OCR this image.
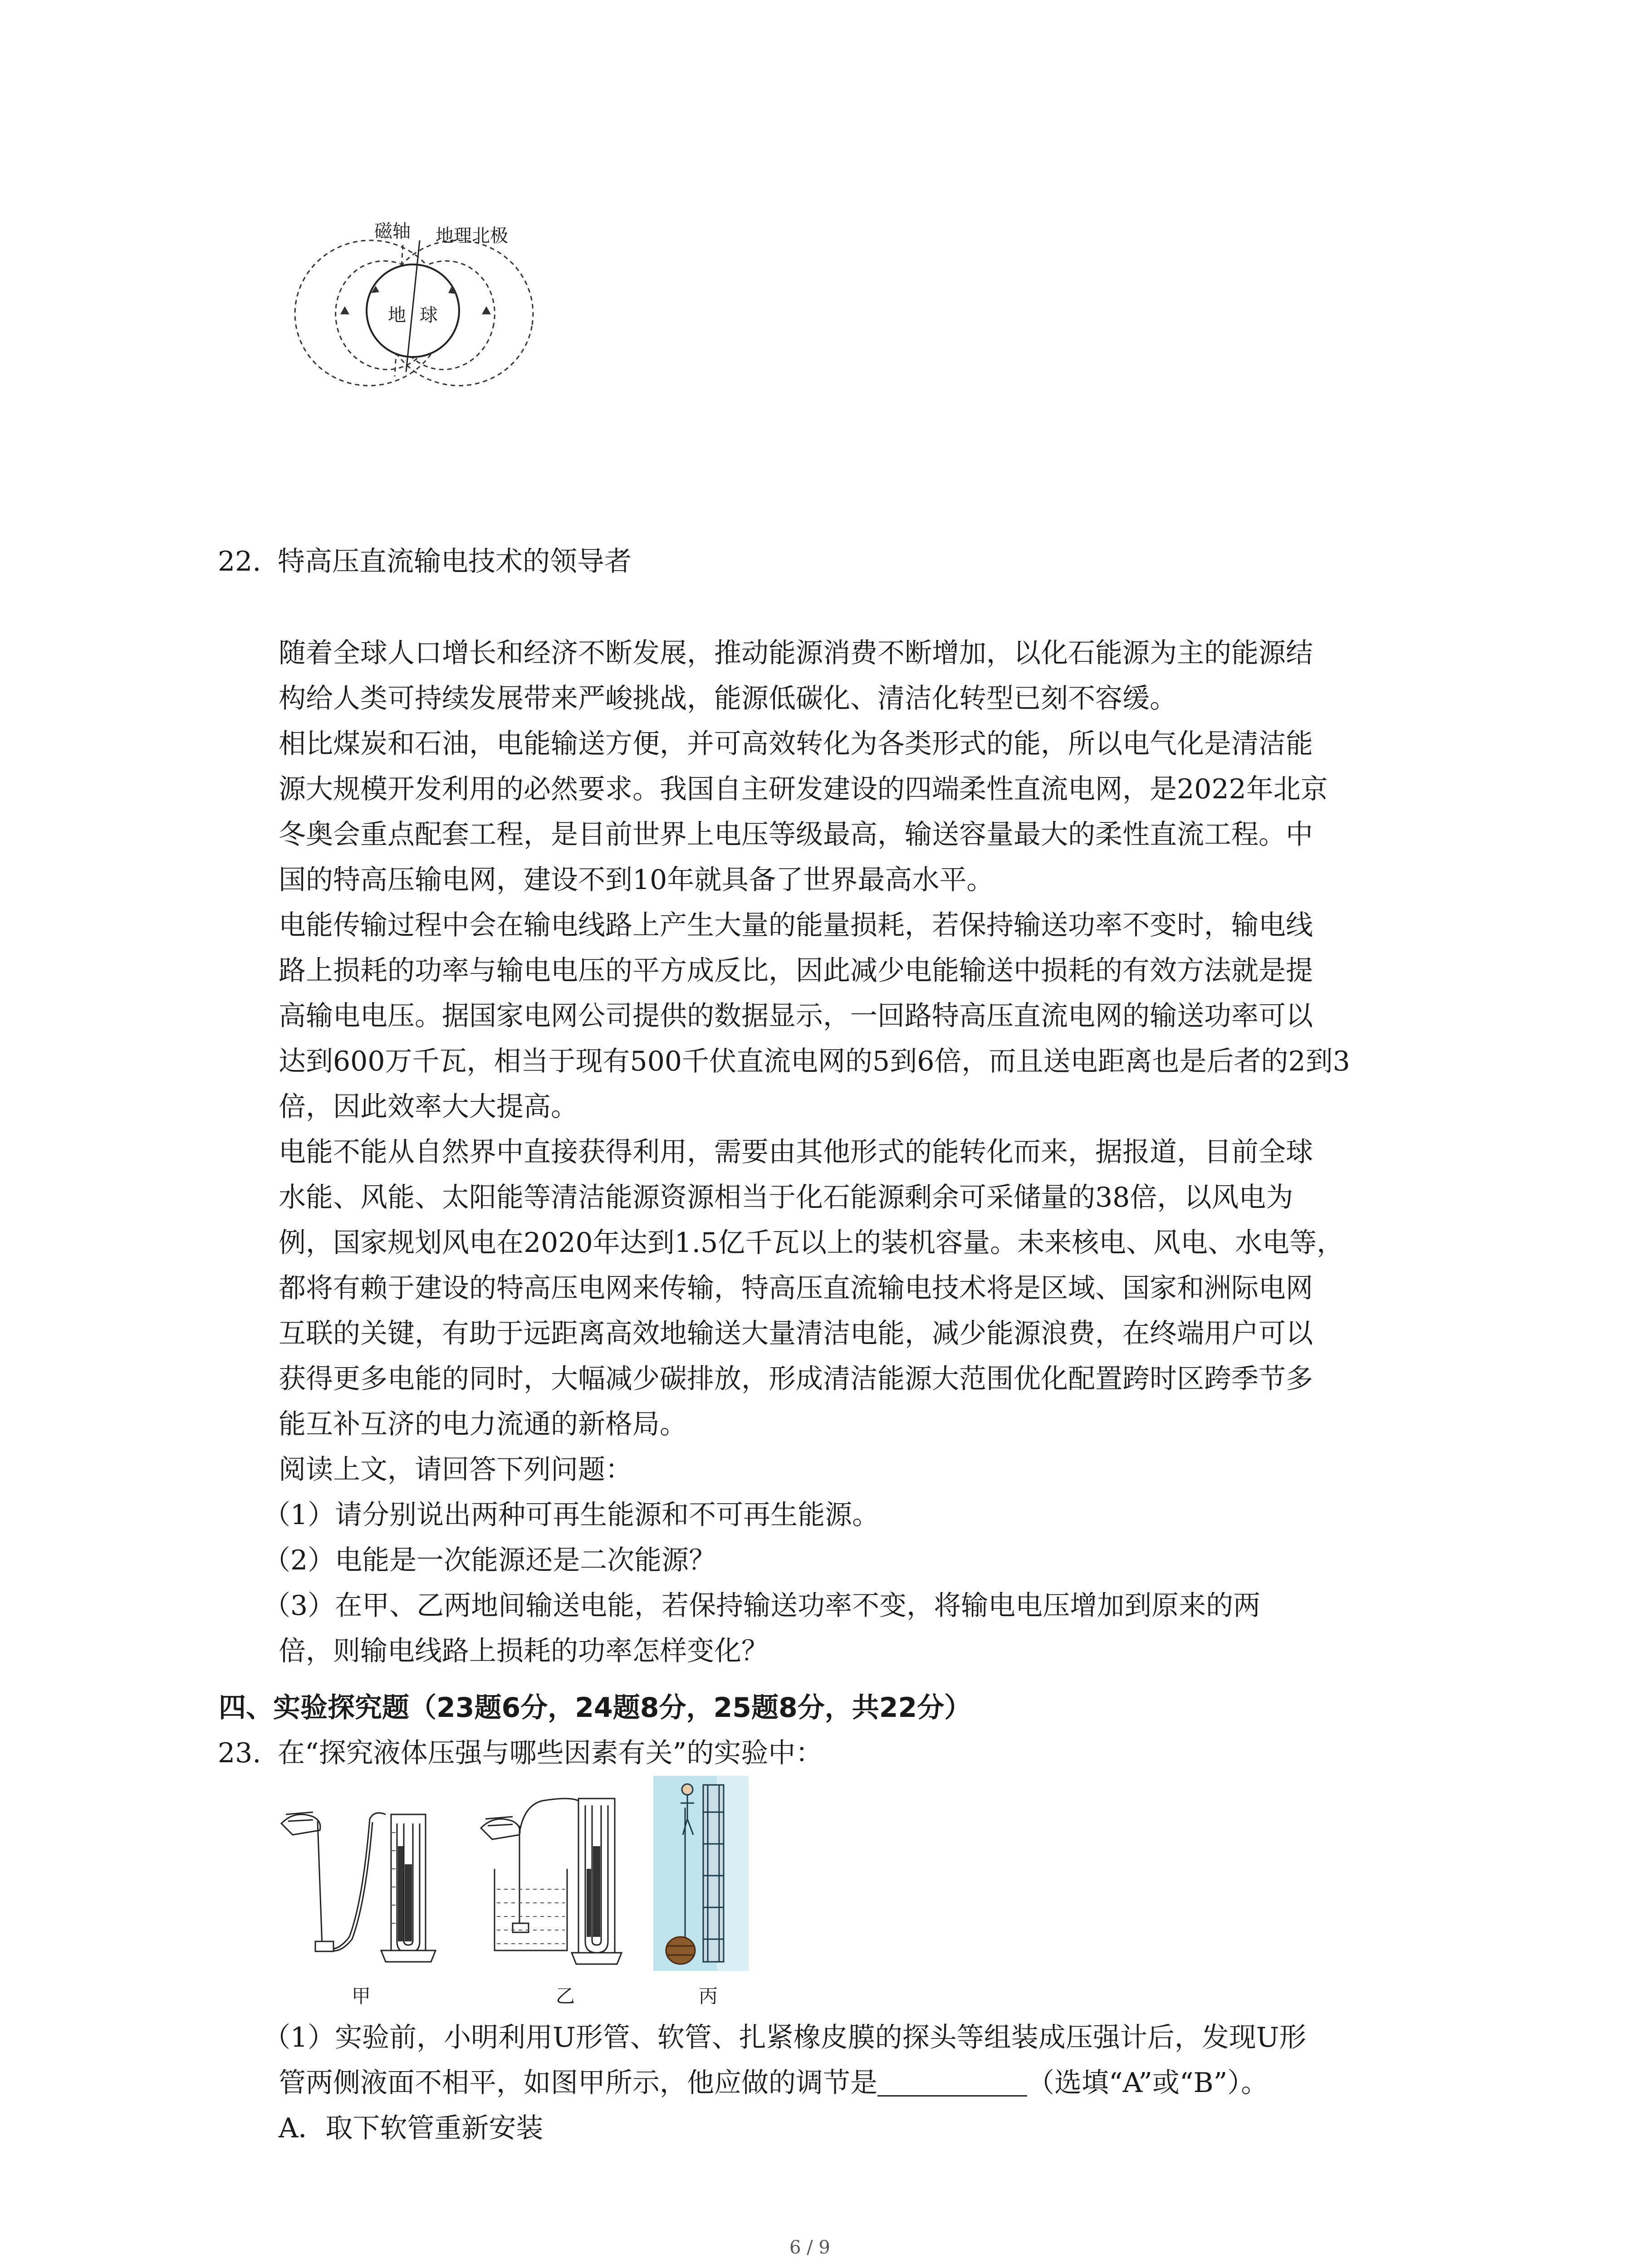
磁轴 地理北极
地 球
22. 特高压直流输电技术的领导者
随着全球人口增长和经济不断发展，推动能源消费不断增加，以化石能源为主的能源结
构给人类可持续发展带来严峻挑战，能源低碳化、清洁化转型已刻不容缓。
相比煤炭和石油，电能输送方便，并可高效转化为各类形式的能，所以电气化是清洁能
源大规模开发利用的必然要求。我国自主研发建设的四端柔性直流电网，是2022年北京
冬奥会重点配套工程，是目前世界上电压等级最高，输送容量最大的柔性直流工程。中
国的特高压输电网，建设不到10年就具备了世界最高水平。
电能传输过程中会在输电线路上产生大量的能量损耗，若保持输送功率不变时，输电线
路上损耗的功率与输电电压的平方成反比，因此减少电能输送中损耗的有效方法就是提
高输电电压。据国家电网公司提供的数据显示，一回路特高压直流电网的输送功率可以
达到600万千瓦，相当于现有500千伏直流电网的5到6倍，而且送电距离也是后者的2到3
倍，因此效率大大提高。
电能不能从自然界中直接获得利用，需要由其他形式的能转化而来，据报道，目前全球
水能、风能、太阳能等清洁能源资源相当于化石能源剩余可采储量的38倍，以风电为
例，国家规划风电在2020年达到1.5亿千瓦以上的装机容量。未来核电、风电、水电等，
都将有赖于建设的特高压电网来传输，特高压直流输电技术将是区域、国家和洲际电网
互联的关键，有助于远距离高效地输送大量清洁电能，减少能源浪费，在终端用户可以
获得更多电能的同时，大幅减少碳排放，形成清洁能源大范围优化配置跨时区跨季节多
能互补互济的电力流通的新格局。
阅读上文，请回答下列问题：
（1）请分别说出两种可再生能源和不可再生能源。
（2）电能是一次能源还是二次能源？
（3）在甲、乙两地间输送电能，若保持输送功率不变，将输电电压增加到原来的两
倍，则输电线路上损耗的功率怎样变化？
四、实验探究题（23题6分，24题8分，25题8分，共22分）
23. 在“探究液体压强与哪些因素有关”的实验中：
甲	乙	丙
（1）实验前，小明利用U形管、软管、扎紧橡皮膜的探头等组装成压强计后，发现U形
管两侧液面不相平，如图甲所示，他应做的调节是	（选填“A”或“B”）。
A．取下软管重新安装
6 / 9
